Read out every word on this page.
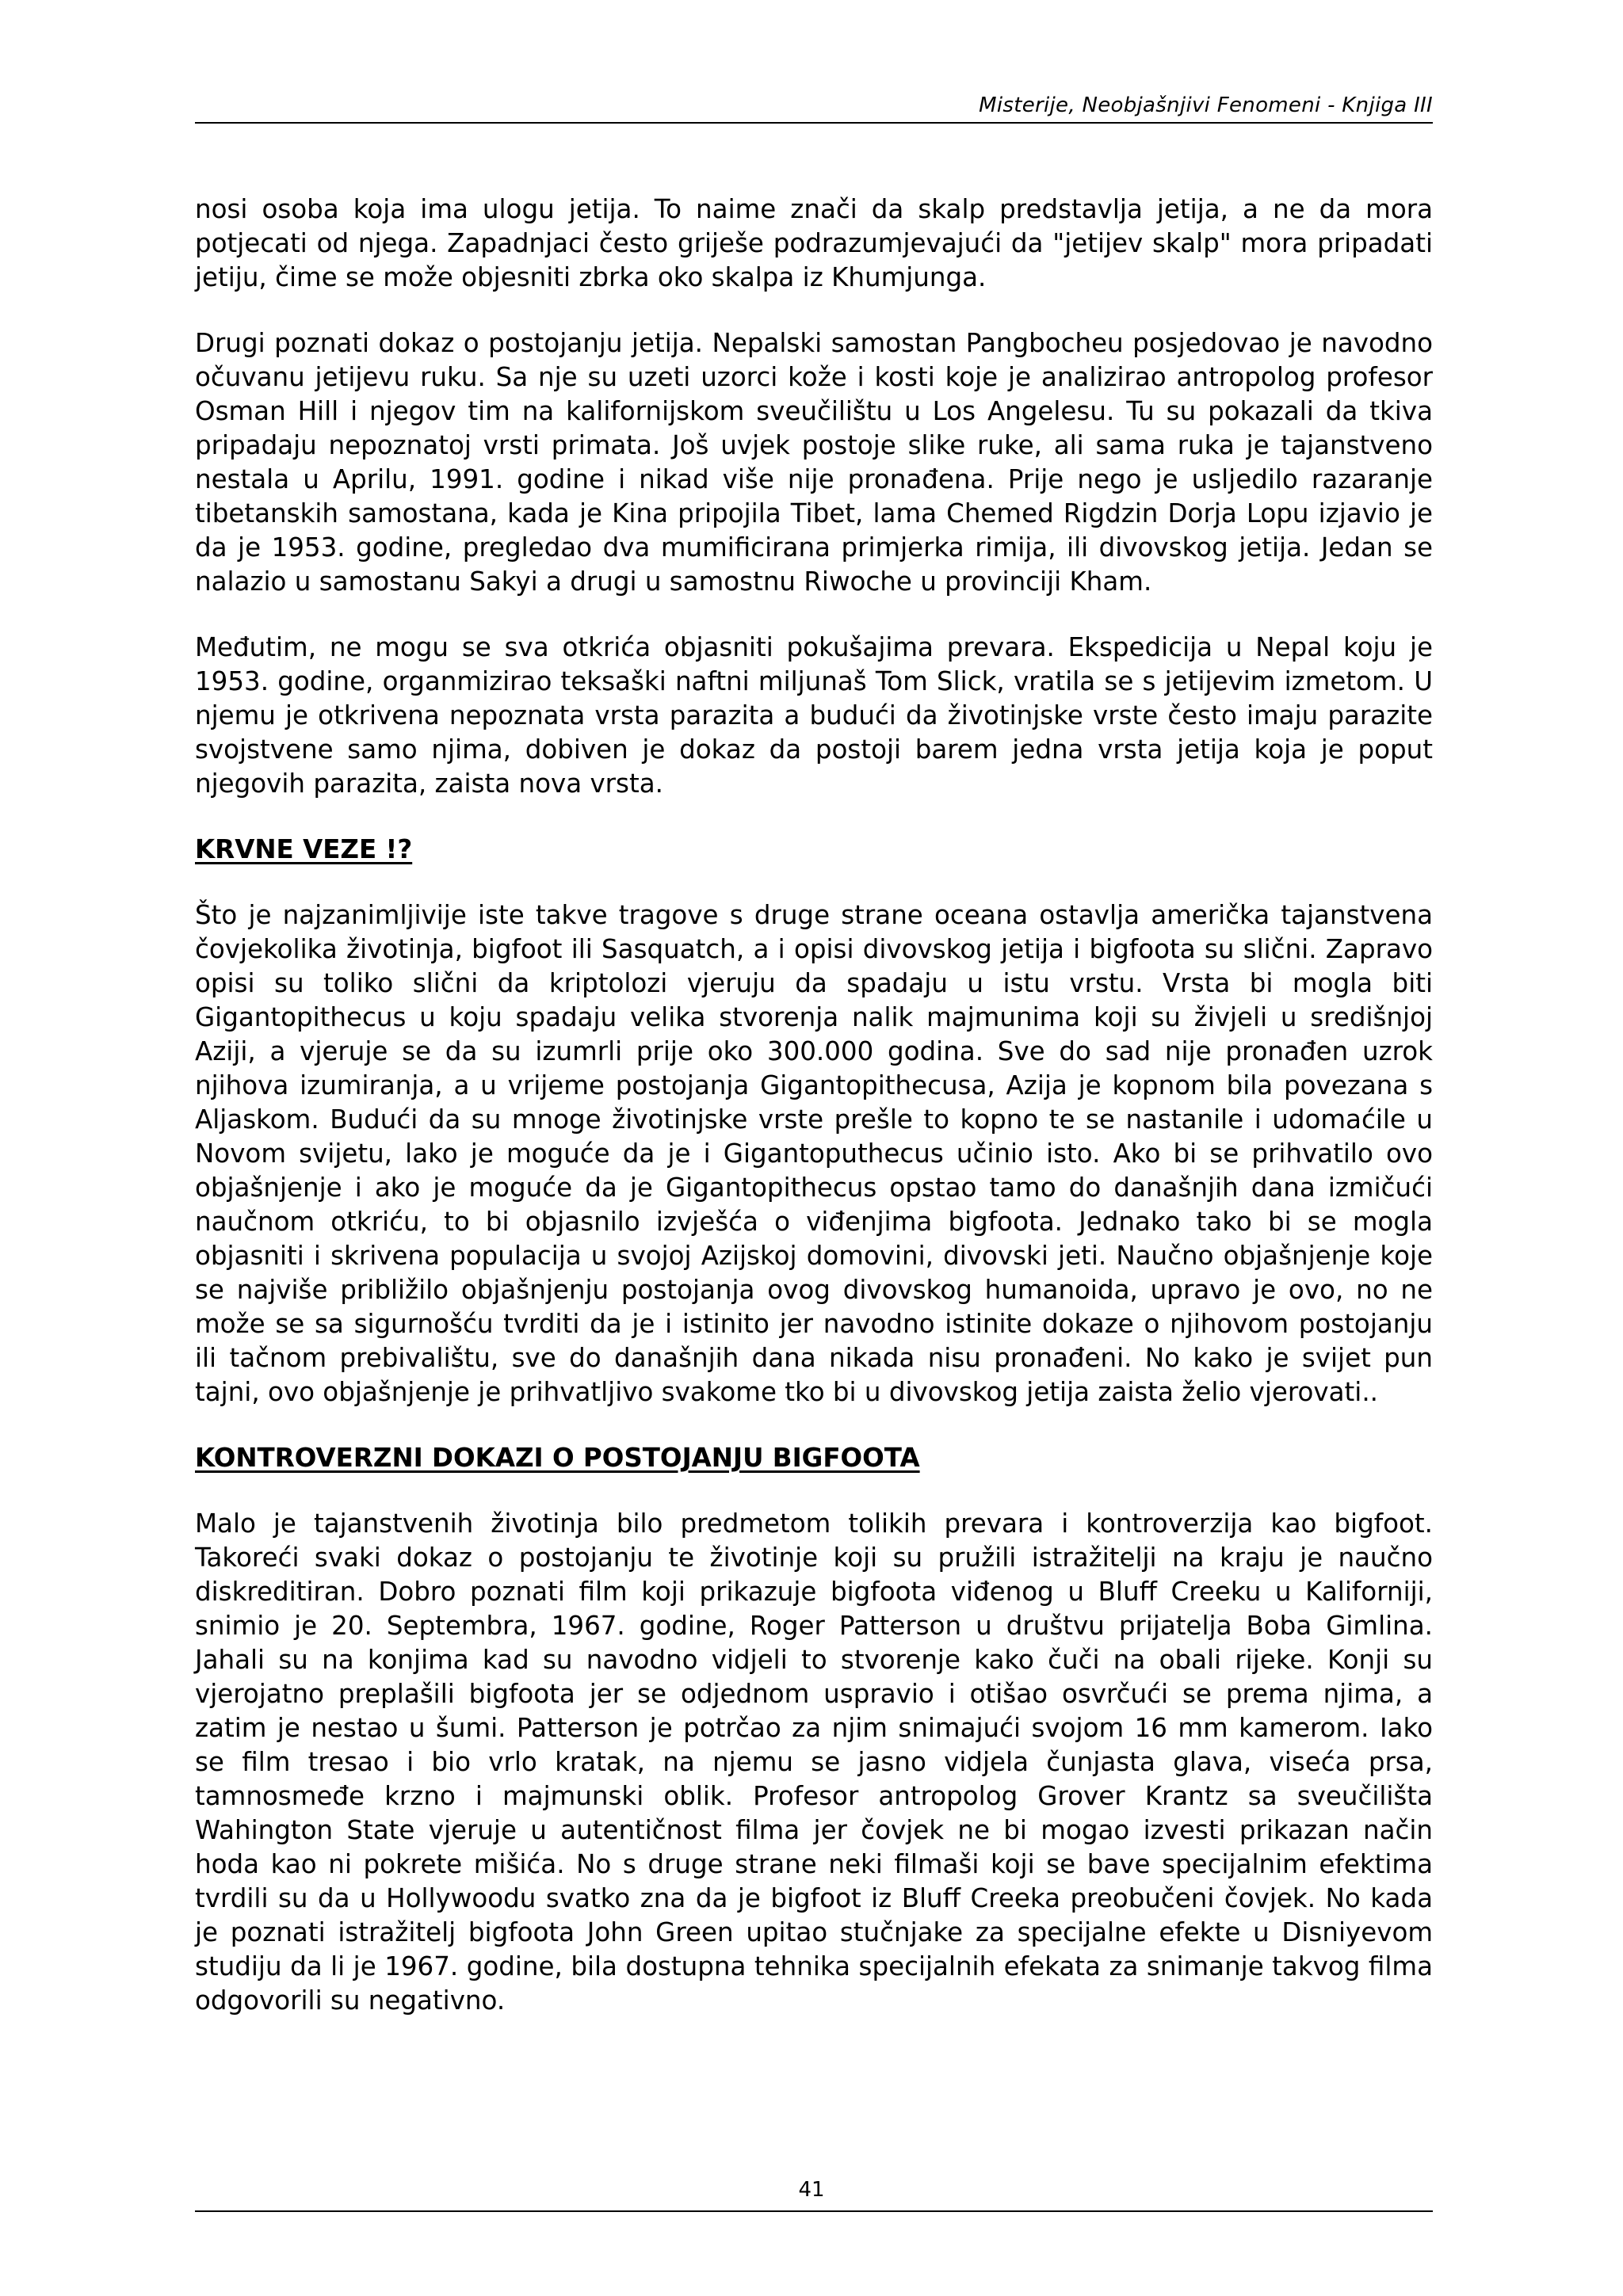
Misterije, Neobjašnjivi Fenomeni - Knjiga III

nosi osoba koja ima ulogu jetija. To naime znači da skalp predstavlja jetija, a ne da mora potjecati od njega. Zapadnjaci često griješe podrazumjevajući da "jetijev skalp" mora pripadati jetiju, čime se može objesniti zbrka oko skalpa iz Khumjunga.

Drugi poznati dokaz o postojanju jetija. Nepalski samostan Pangbocheu posjedovao je navodno očuvanu jetijevu ruku. Sa nje su uzeti uzorci kože i kosti koje je analizirao antropolog profesor Osman Hill i njegov tim na kalifornijskom sveučilištu u Los Angelesu. Tu su pokazali da tkiva pripadaju nepoznatoj vrsti primata. Još uvjek postoje slike ruke, ali sama ruka je tajanstveno nestala u Aprilu, 1991. godine i nikad više nije pronađena. Prije nego je usljedilo razaranje tibetanskih samostana, kada je Kina pripojila Tibet, lama Chemed Rigdzin Dorja Lopu izjavio je da je 1953. godine, pregledao dva mumificirana primjerka rimija, ili divovskog jetija. Jedan se nalazio u samostanu Sakyi a drugi u samostnu Riwoche u provinciji Kham.

Međutim, ne mogu se sva otkrića objasniti pokušajima prevara. Ekspedicija u Nepal koju je 1953. godine, organmizirao teksaški naftni miljunaš Tom Slick, vratila se s jetijevim izmetom. U njemu je otkrivena nepoznata vrsta parazita a budući da životinjske vrste često imaju parazite svojstvene samo njima, dobiven je dokaz da postoji barem jedna vrsta jetija koja je poput njegovih parazita, zaista nova vrsta.

KRVNE VEZE !?

Što je najzanimljivije iste takve tragove s druge strane oceana ostavlja američka tajanstvena čovjekolika životinja, bigfoot ili Sasquatch, a i opisi divovskog jetija i bigfoota su slični. Zapravo opisi su toliko slični da kriptolozi vjeruju da spadaju u istu vrstu. Vrsta bi mogla biti Gigantopithecus u koju spadaju velika stvorenja nalik majmunima koji su živjeli u središnjoj Aziji, a vjeruje se da su izumrli prije oko 300.000 godina. Sve do sad nije pronađen uzrok njihova izumiranja, a u vrijeme postojanja Gigantopithecusa, Azija je kopnom bila povezana s Aljaskom. Budući da su mnoge životinjske vrste prešle to kopno te se nastanile i udomaćile u Novom svijetu, lako je moguće da je i Gigantoputhecus učinio isto. Ako bi se prihvatilo ovo objašnjenje i ako je moguće da je Gigantopithecus opstao tamo do današnjih dana izmičući naučnom otkriću, to bi objasnilo izvješća o viđenjima bigfoota. Jednako tako bi se mogla objasniti i skrivena populacija u svojoj Azijskoj domovini, divovski jeti. Naučno objašnjenje koje se najviše približilo objašnjenju postojanja ovog divovskog humanoida, upravo je ovo, no ne može se sa sigurnošću tvrditi da je i istinito jer navodno istinite dokaze o njihovom postojanju ili tačnom prebivalištu, sve do današnjih dana nikada nisu pronađeni. No kako je svijet pun tajni, ovo objašnjenje je prihvatljivo svakome tko bi u divovskog jetija zaista želio vjerovati..

KONTROVERZNI DOKAZI O POSTOJANJU BIGFOOTA

Malo je tajanstvenih životinja bilo predmetom tolikih prevara i kontroverzija kao bigfoot. Takoreći svaki dokaz o postojanju te životinje koji su pružili istražitelji na kraju je naučno diskreditiran. Dobro poznati film koji prikazuje bigfoota viđenog u Bluff Creeku u Kaliforniji, snimio je 20. Septembra, 1967. godine, Roger Patterson u društvu prijatelja Boba Gimlina. Jahali su na konjima kad su navodno vidjeli to stvorenje kako čuči na obali rijeke. Konji su vjerojatno preplašili bigfoota jer se odjednom uspravio i otišao osvrčući se prema njima, a zatim je nestao u šumi. Patterson je potrčao za njim snimajući svojom 16 mm kamerom. Iako se film tresao i bio vrlo kratak, na njemu se jasno vidjela čunjasta glava, viseća prsa, tamnosmeđe krzno i majmunski oblik. Profesor antropolog Grover Krantz sa sveučilišta Wahington State vjeruje u autentičnost filma jer čovjek ne bi mogao izvesti prikazan način hoda kao ni pokrete mišića. No s druge strane neki filmaši koji se bave specijalnim efektima tvrdili su da u Hollywoodu svatko zna da je bigfoot iz Bluff Creeka preobučeni čovjek. No kada je poznati istražitelj bigfoota John Green upitao stučnjake za specijalne efekte u Disniyevom studiju da li je 1967. godine, bila dostupna tehnika specijalnih efekata za snimanje takvog filma odgovorili su negativno.

41
